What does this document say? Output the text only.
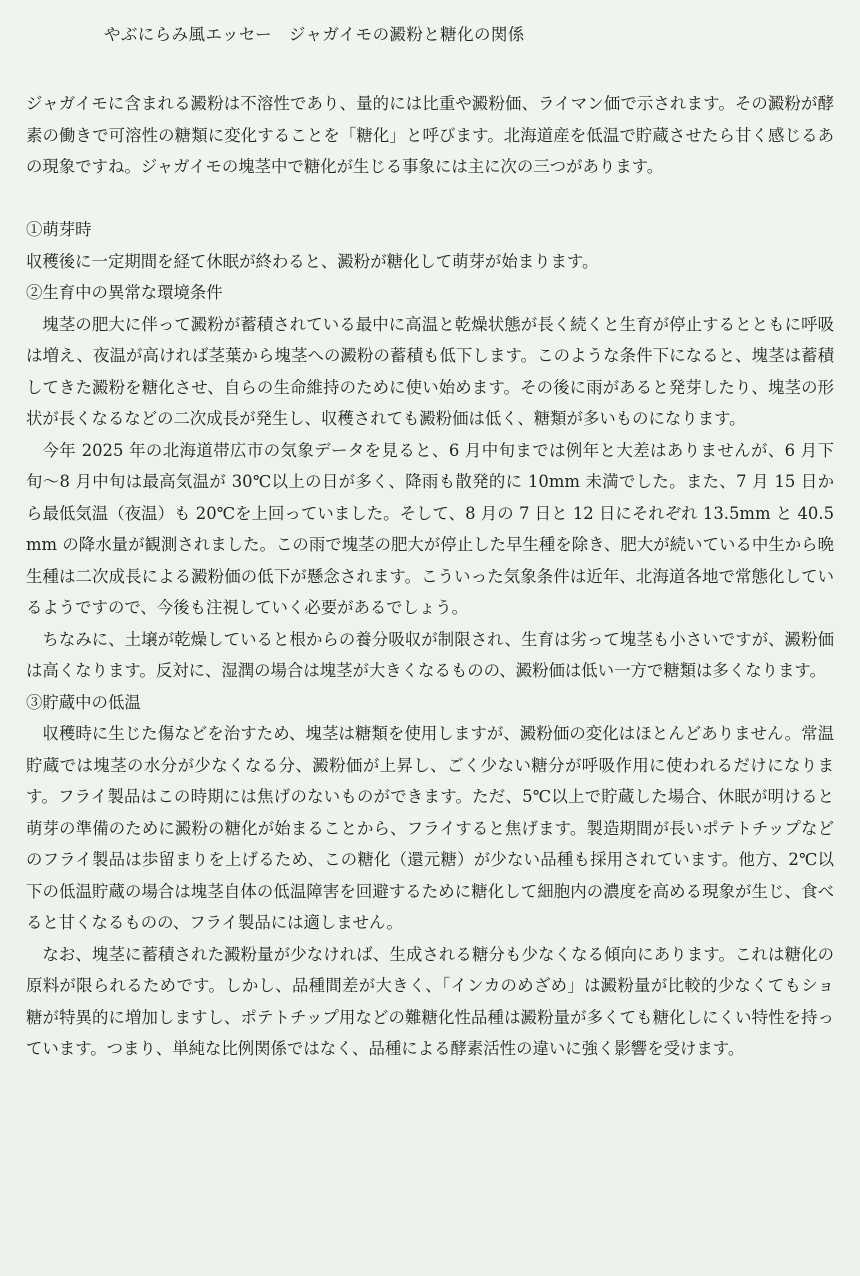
やぶにらみ風エッセー　ジャガイモの澱粉と糖化の関係

ジャガイモに含まれる澱粉は不溶性であり、量的には比重や澱粉価、ライマン価で示されます。その澱粉が酵素の働きで可溶性の糖類に変化することを「糖化」と呼びます。北海道産を低温で貯蔵させたら甘く感じるあの現象ですね。ジャガイモの塊茎中で糖化が生じる事象には主に次の三つがあります。

①萌芽時

収穫後に一定期間を経て休眠が終わると、澱粉が糖化して萌芽が始まります。

②生育中の異常な環境条件

塊茎の肥大に伴って澱粉が蓄積されている最中に高温と乾燥状態が長く続くと生育が停止するとともに呼吸は増え、夜温が高ければ茎葉から塊茎への澱粉の蓄積も低下します。このような条件下になると、塊茎は蓄積してきた澱粉を糖化させ、自らの生命維持のために使い始めます。その後に雨があると発芽したり、塊茎の形状が長くなるなどの二次成長が発生し、収穫されても澱粉価は低く、糖類が多いものになります。

今年 2025 年の北海道帯広市の気象データを見ると、6 月中旬までは例年と大差はありませんが、6 月下旬〜8 月中旬は最高気温が 30℃以上の日が多く、降雨も散発的に 10mm 未満でした。また、7 月 15 日から最低気温（夜温）も 20℃を上回っていました。そして、8 月の 7 日と 12 日にそれぞれ 13.5mm と 40.5mm の降水量が観測されました。この雨で塊茎の肥大が停止した早生種を除き、肥大が続いている中生から晩生種は二次成長による澱粉価の低下が懸念されます。こういった気象条件は近年、北海道各地で常態化しているようですので、今後も注視していく必要があるでしょう。

ちなみに、土壌が乾燥していると根からの養分吸収が制限され、生育は劣って塊茎も小さいですが、澱粉価は高くなります。反対に、湿潤の場合は塊茎が大きくなるものの、澱粉価は低い一方で糖類は多くなります。

③貯蔵中の低温

収穫時に生じた傷などを治すため、塊茎は糖類を使用しますが、澱粉価の変化はほとんどありません。常温貯蔵では塊茎の水分が少なくなる分、澱粉価が上昇し、ごく少ない糖分が呼吸作用に使われるだけになります。フライ製品はこの時期には焦げのないものができます。ただ、5℃以上で貯蔵した場合、休眠が明けると萌芽の準備のために澱粉の糖化が始まることから、フライすると焦げます。製造期間が長いポテトチップなどのフライ製品は歩留まりを上げるため、この糖化（還元糖）が少ない品種も採用されています。他方、2℃以下の低温貯蔵の場合は塊茎自体の低温障害を回避するために糖化して細胞内の濃度を高める現象が生じ、食べると甘くなるものの、フライ製品には適しません。

なお、塊茎に蓄積された澱粉量が少なければ、生成される糖分も少なくなる傾向にあります。これは糖化の原料が限られるためです。しかし、品種間差が大きく、「インカのめざめ」は澱粉量が比較的少なくてもショ糖が特異的に増加しますし、ポテトチップ用などの難糖化性品種は澱粉量が多くても糖化しにくい特性を持っています。つまり、単純な比例関係ではなく、品種による酵素活性の違いに強く影響を受けます。
